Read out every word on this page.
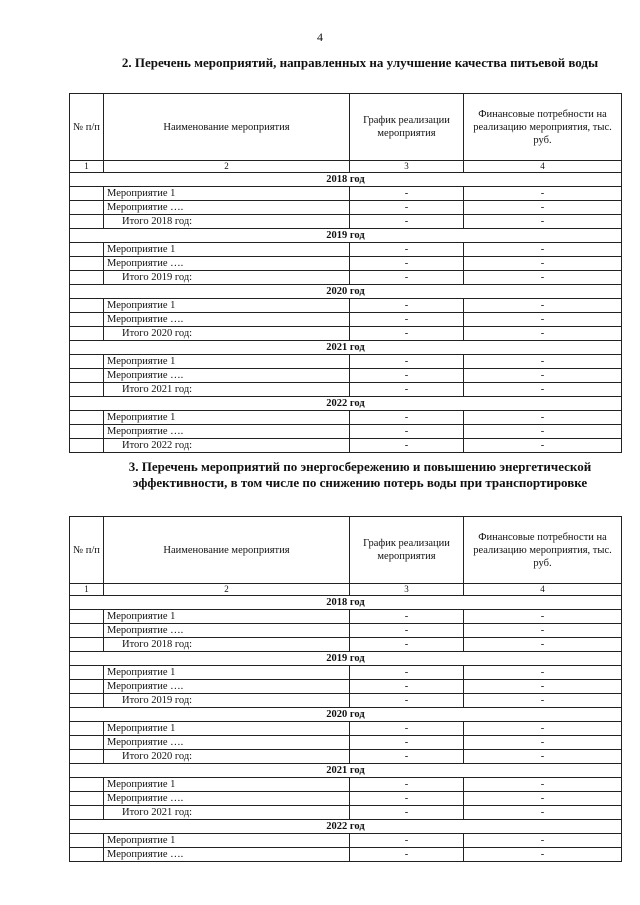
4
2. Перечень мероприятий, направленных на улучшение качества питьевой воды
№ п/п	Наименование мероприятия	График реализации мероприятия	Финансовые потребности на реализацию мероприятия, тыс. руб.
1	2	3	4
2018 год			
	Мероприятие 1	-	-
	Мероприятие ….	-	-
	Итого 2018 год:	-	-
2019 год			
	Мероприятие 1	-	-
	Мероприятие ….	-	-
	Итого 2019 год:	-	-
2020 год			
	Мероприятие 1	-	-
	Мероприятие ….	-	-
	Итого 2020 год:	-	-
2021 год			
	Мероприятие 1	-	-
	Мероприятие ….	-	-
	Итого 2021 год:	-	-
2022 год			
	Мероприятие 1	-	-
	Мероприятие ….	-	-
	Итого 2022 год:	-	-
3. Перечень мероприятий по энергосбережению и повышению энергетической эффективности, в том числе по снижению потерь воды при транспортировке
№ п/п	Наименование мероприятия	График реализации мероприятия	Финансовые потребности на реализацию мероприятия, тыс. руб.
1	2	3	4
2018 год			
	Мероприятие 1	-	-
	Мероприятие ….	-	-
	Итого 2018 год:	-	-
2019 год			
	Мероприятие 1	-	-
	Мероприятие ….	-	-
	Итого 2019 год:	-	-
2020 год			
	Мероприятие 1	-	-
	Мероприятие ….	-	-
	Итого 2020 год:	-	-
2021 год			
	Мероприятие 1	-	-
	Мероприятие ….	-	-
	Итого 2021 год:	-	-
2022 год			
	Мероприятие 1	-	-
	Мероприятие ….	-	-
